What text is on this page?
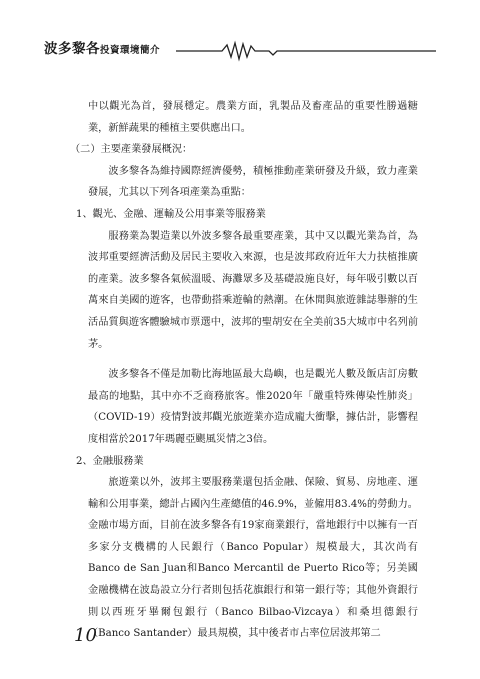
波多黎各投資環境簡介

中以觀光為首，發展穩定。農業方面，乳製品及畜產品的重要性勝過糖業，新鮮蔬果的種植主要供應出口。

（二）主要產業發展概況：

波多黎各為維持國際經濟優勢，積極推動產業研發及升級，致力產業發展，尤其以下列各項產業為重點：

1、觀光、金融、運輸及公用事業等服務業

服務業為製造業以外波多黎各最重要產業，其中又以觀光業為首，為波邦重要經濟活動及居民主要收入來源，也是波邦政府近年大力扶植推廣的產業。波多黎各氣候溫暖、海灘眾多及基礎設施良好，每年吸引數以百萬來自美國的遊客，也帶動搭乘遊輪的熱潮。在休閒與旅遊雜誌舉辦的生活品質與遊客體驗城市票選中，波邦的聖胡安在全美前35大城市中名列前茅。

波多黎各不僅是加勒比海地區最大島嶼，也是觀光人數及飯店訂房數最高的地點，其中亦不乏商務旅客。惟2020年「嚴重特殊傳染性肺炎」（COVID-19）疫情對波邦觀光旅遊業亦造成龐大衝擊，據估計，影響程度相當於2017年瑪麗亞颶風災情之3倍。

2、金融服務業

旅遊業以外，波邦主要服務業還包括金融、保險、貿易、房地產、運輸和公用事業，總計占國內生產總值的46.9%，並僱用83.4%的勞動力。金融市場方面，目前在波多黎各有19家商業銀行，當地銀行中以擁有一百多家分支機構的人民銀行（Banco Popular）規模最大，其次尚有Banco de San Juan和Banco Mercantil de Puerto Rico等；另美國金融機構在波島設立分行者則包括花旗銀行和第一銀行等；其他外資銀行則以西班牙畢爾包銀行（Banco Bilbao-Vizcaya）和桑坦德銀行（Banco Santander）最具規模，其中後者市占率位居波邦第二

10
